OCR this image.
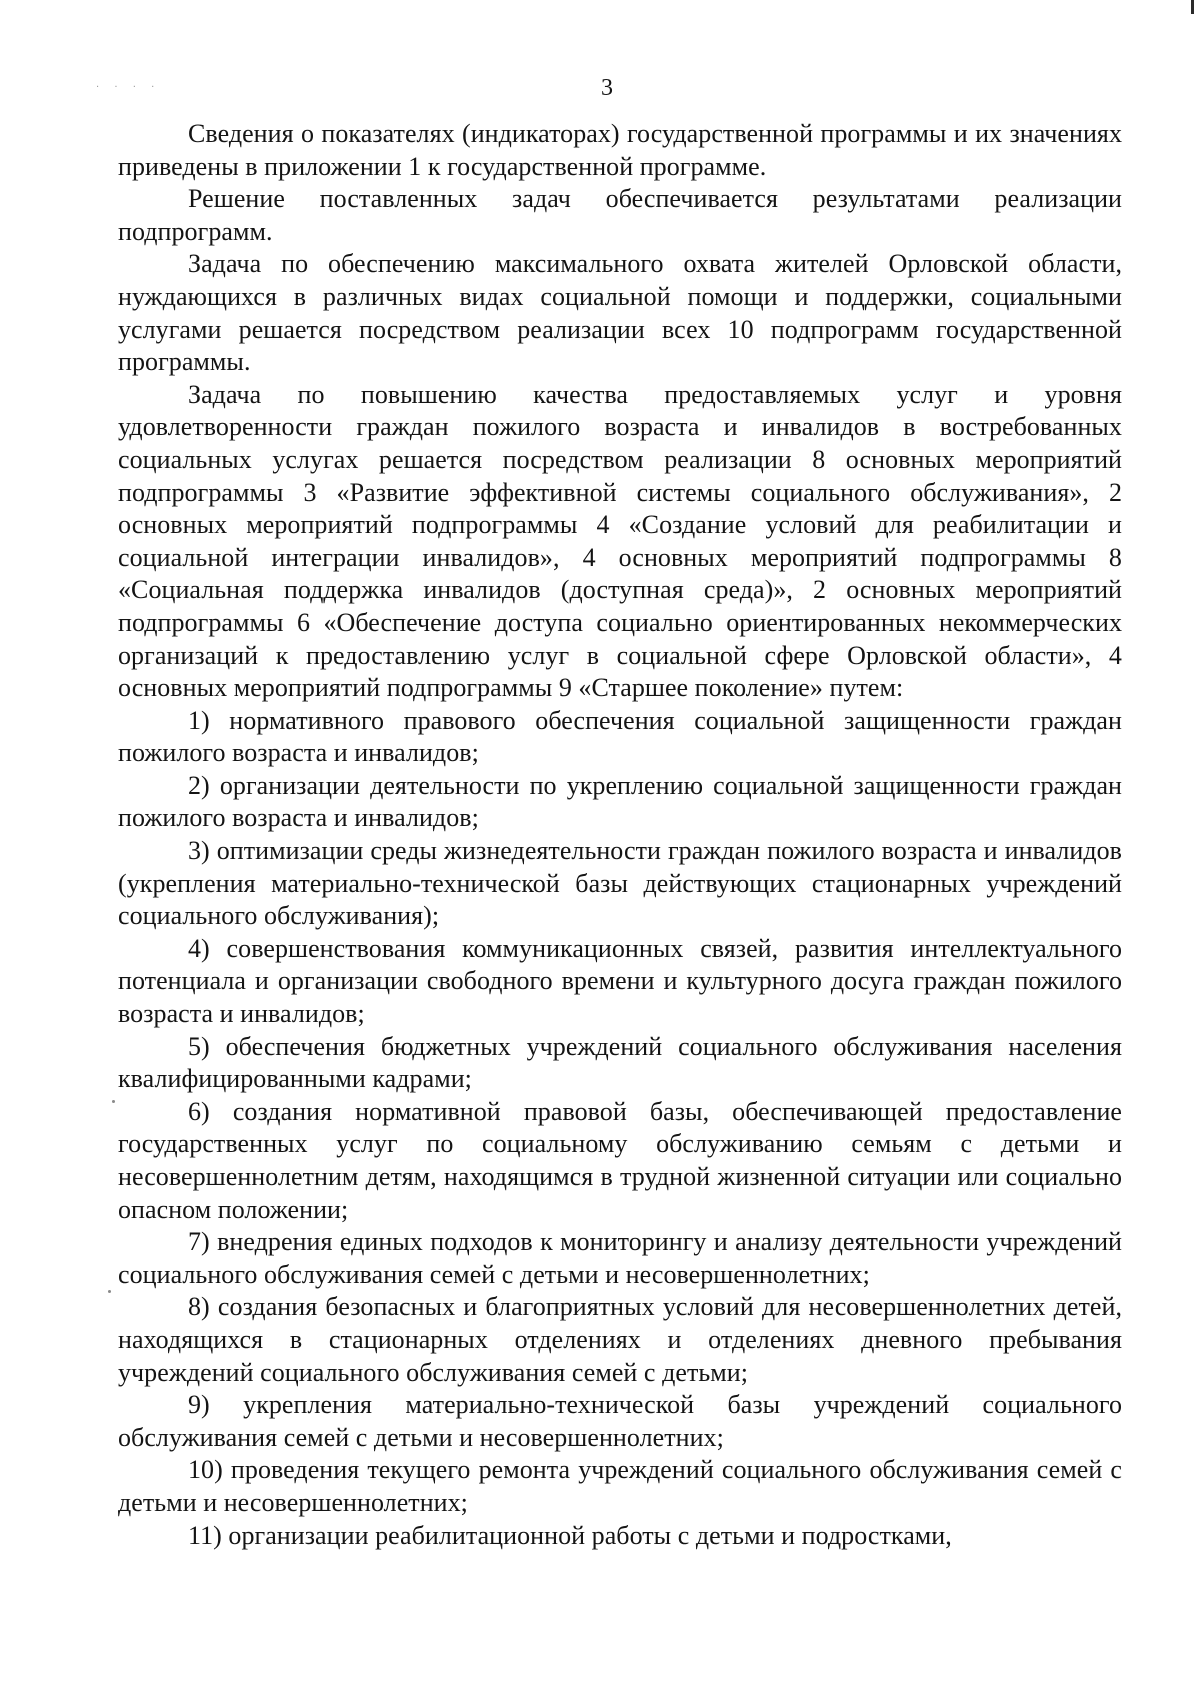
· · · ·	3

Сведения о показателях (индикаторах) государственной программы и их значениях приведены в приложении 1 к государственной программе.

Решение поставленных задач обеспечивается результатами реализации подпрограмм.

Задача по обеспечению максимального охвата жителей Орловской области, нуждающихся в различных видах социальной помощи и поддержки, социальными услугами решается посредством реализации всех 10 подпрограмм государственной программы.

Задача по повышению качества предоставляемых услуг и уровня удовлетворенности граждан пожилого возраста и инвалидов в востребованных социальных услугах решается посредством реализации 8 основных мероприятий подпрограммы 3 «Развитие эффективной системы социального обслуживания», 2 основных мероприятий подпрограммы 4 «Создание условий для реабилитации и социальной интеграции инвалидов», 4 основных мероприятий подпрограммы 8 «Социальная поддержка инвалидов (доступная среда)», 2 основных мероприятий подпрограммы 6 «Обеспечение доступа социально ориентированных некоммерческих организаций к предоставлению услуг в социальной сфере Орловской области», 4 основных мероприятий подпрограммы 9 «Старшее поколение» путем:

1) нормативного правового обеспечения социальной защищенности граждан пожилого возраста и инвалидов;

2) организации деятельности по укреплению социальной защищенности граждан пожилого возраста и инвалидов;

3) оптимизации среды жизнедеятельности граждан пожилого возраста и инвалидов (укрепления материально-технической базы действующих стационарных учреждений социального обслуживания);

4) совершенствования коммуникационных связей, развития интеллектуального потенциала и организации свободного времени и культурного досуга граждан пожилого возраста и инвалидов;

5) обеспечения бюджетных учреждений социального обслуживания населения квалифицированными кадрами;

6) создания нормативной правовой базы, обеспечивающей предоставление государственных услуг по социальному обслуживанию семьям с детьми и несовершеннолетним детям, находящимся в трудной жизненной ситуации или социально опасном положении;

7) внедрения единых подходов к мониторингу и анализу деятельности учреждений социального обслуживания семей с детьми и несовершеннолетних;

8) создания безопасных и благоприятных условий для несовершеннолетних детей, находящихся в стационарных отделениях и отделениях дневного пребывания учреждений социального обслуживания семей с детьми;

9) укрепления материально-технической базы учреждений социального обслуживания семей с детьми и несовершеннолетних;

10) проведения текущего ремонта учреждений социального обслуживания семей с детьми и несовершеннолетних;

11) организации реабилитационной работы с детьми и подростками,
